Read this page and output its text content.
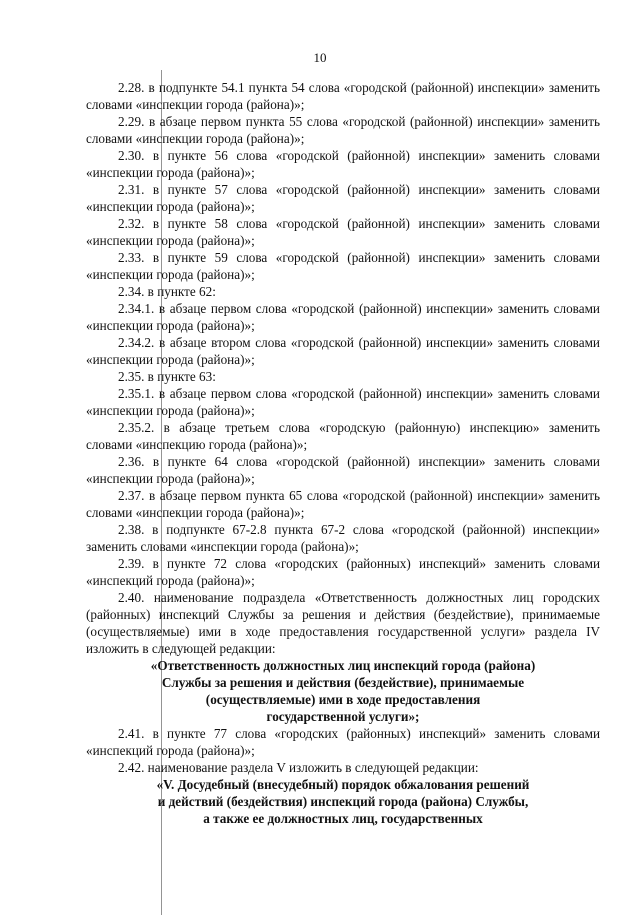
10

2.28. в подпункте 54.1 пункта 54 слова «городской (районной) инспекции» заменить словами «инспекции города (района)»;

2.29. в абзаце первом пункта 55 слова «городской (районной) инспекции» заменить словами «инспекции города (района)»;

2.30. в пункте 56 слова «городской (районной) инспекции» заменить словами «инспекции города (района)»;

2.31. в пункте 57 слова «городской (районной) инспекции» заменить словами «инспекции города (района)»;

2.32. в пункте 58 слова «городской (районной) инспекции» заменить словами «инспекции города (района)»;

2.33. в пункте 59 слова «городской (районной) инспекции» заменить словами «инспекции города (района)»;

2.34. в пункте 62:

2.34.1. в абзаце первом слова «городской (районной) инспекции» заменить словами «инспекции города (района)»;

2.34.2. в абзаце втором слова «городской (районной) инспекции» заменить словами «инспекции города (района)»;

2.35. в пункте 63:

2.35.1. в абзаце первом слова «городской (районной) инспекции» заменить словами «инспекции города (района)»;

2.35.2. в абзаце третьем слова «городскую (районную) инспекцию» заменить словами «инспекцию города (района)»;

2.36. в пункте 64 слова «городской (районной) инспекции» заменить словами «инспекции города (района)»;

2.37. в абзаце первом пункта 65 слова «городской (районной) инспекции» заменить словами «инспекции города (района)»;

2.38. в подпункте 67-2.8 пункта 67-2 слова «городской (районной) инспекции» заменить словами «инспекции города (района)»;

2.39. в пункте 72 слова «городских (районных) инспекций» заменить словами «инспекций города (района)»;

2.40. наименование подраздела «Ответственность должностных лиц городских (районных) инспекций Службы за решения и действия (бездействие), принимаемые (осуществляемые) ими в ходе предоставления государственной услуги» раздела IV изложить в следующей редакции:

«Ответственность должностных лиц инспекций города (района)

Службы за решения и действия (бездействие), принимаемые

(осуществляемые) ими в ходе предоставления

государственной услуги»;

2.41. в пункте 77 слова «городских (районных) инспекций» заменить словами «инспекций города (района)»;

2.42. наименование раздела V изложить в следующей редакции:

«V. Досудебный (внесудебный) порядок обжалования решений

и действий (бездействия) инспекций города (района) Службы,

а также ее должностных лиц, государственных
